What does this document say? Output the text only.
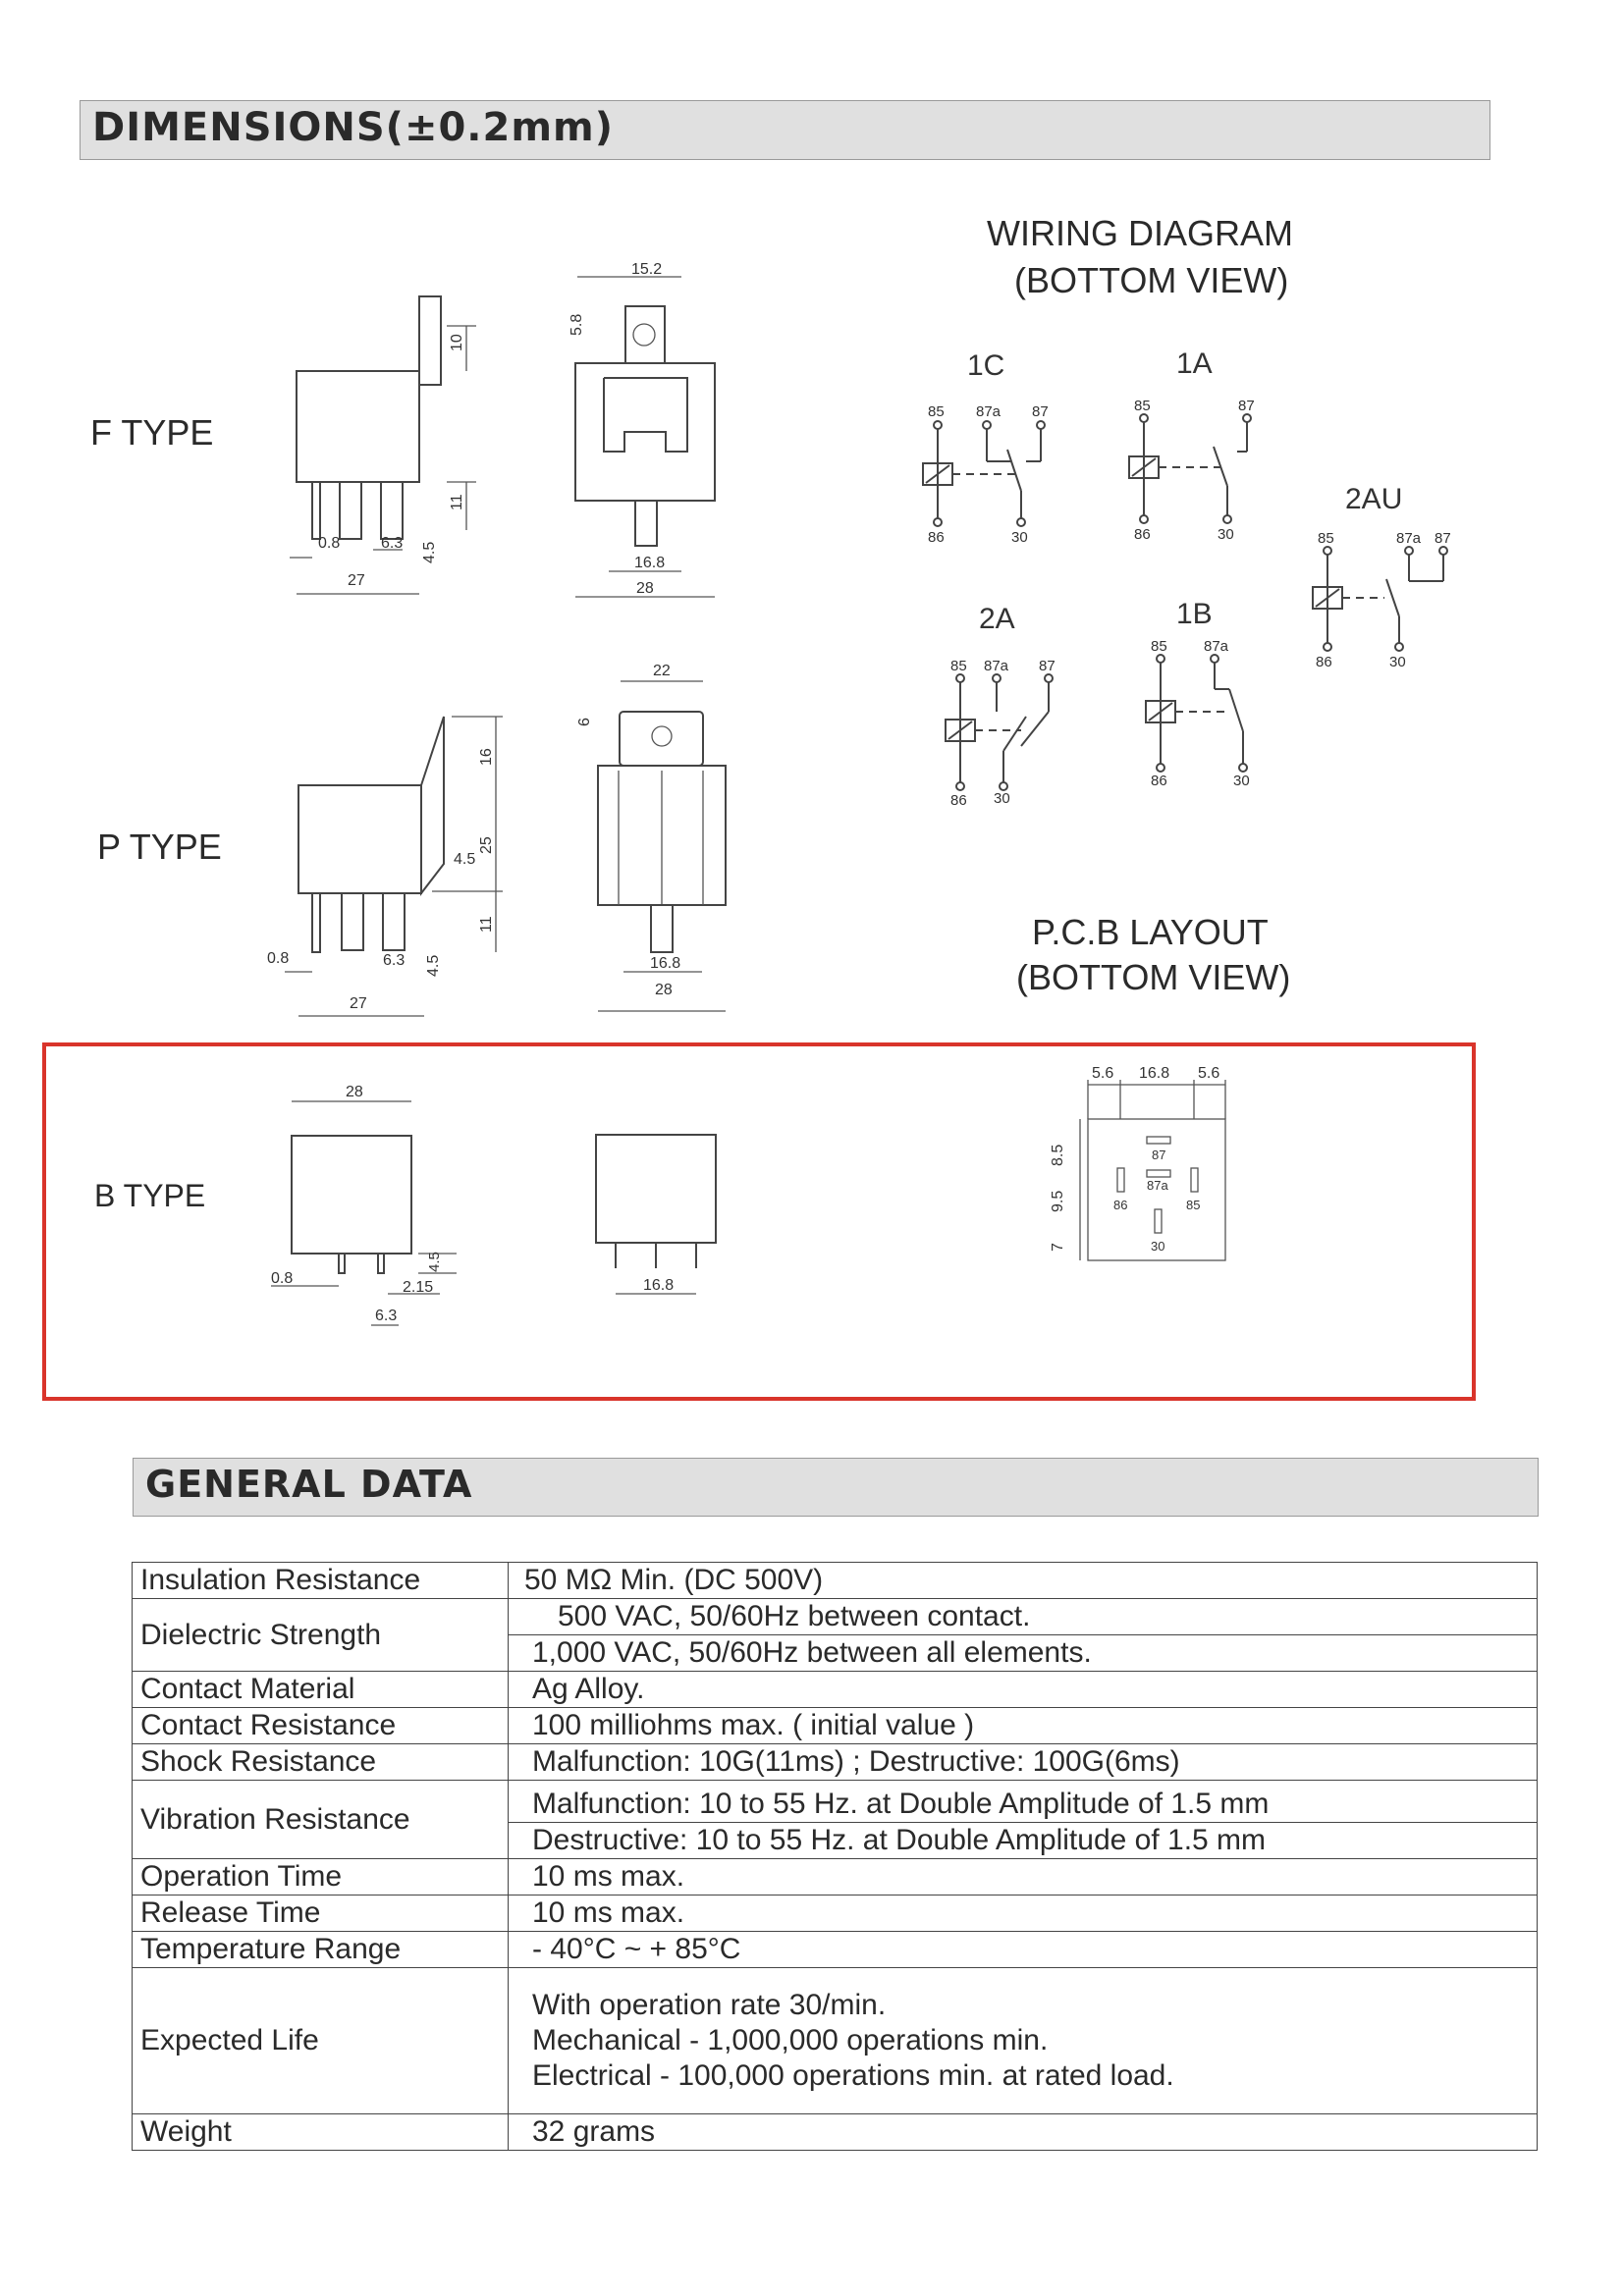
DIMENSIONS(±0.2mm)
F TYPE
P TYPE
B TYPE
WIRING DIAGRAM
(BOTTOM VIEW)
P.C.B LAYOUT
(BOTTOM VIEW)
10
11
0.8	6.3 4.5
27
15.2
5.8
16.8
28
16
25
11
4.5
0.8	6.3 4.5
27
22
6
16.8
28
28
4.5
0.8
6.3
2.15	16.8
5.6 16.8 5.6
8.5
9.5
7
87
87a
86	85
30
1C
85 87a 87
86	30
1A
85	87
86	30
2AU
85	87a 87
86	30
2A
85 87a 87
86 30
1B
85 87a
86	30
GENERAL DATA
Insulation Resistance	50 MΩ Min. (DC 500V)
Dielectric Strength	500 VAC, 50/60Hz between contact.
	1,000 VAC, 50/60Hz between all elements.
Contact Material	Ag Alloy.
Contact Resistance	100 milliohms max. ( initial value )
Shock Resistance	Malfunction: 10G(11ms) ; Destructive: 100G(6ms)
Vibration Resistance	Malfunction: 10 to 55 Hz. at Double Amplitude of 1.5 mm
	Destructive: 10 to 55 Hz. at Double Amplitude of 1.5 mm
Operation Time	10 ms max.
Release Time	10 ms max.
Temperature Range	- 40°C ~ + 85°C
Expected Life	With operation rate 30/min.
Mechanical - 1,000,000 operations min.
Electrical - 100,000 operations min. at rated load.

Weight	32 grams
